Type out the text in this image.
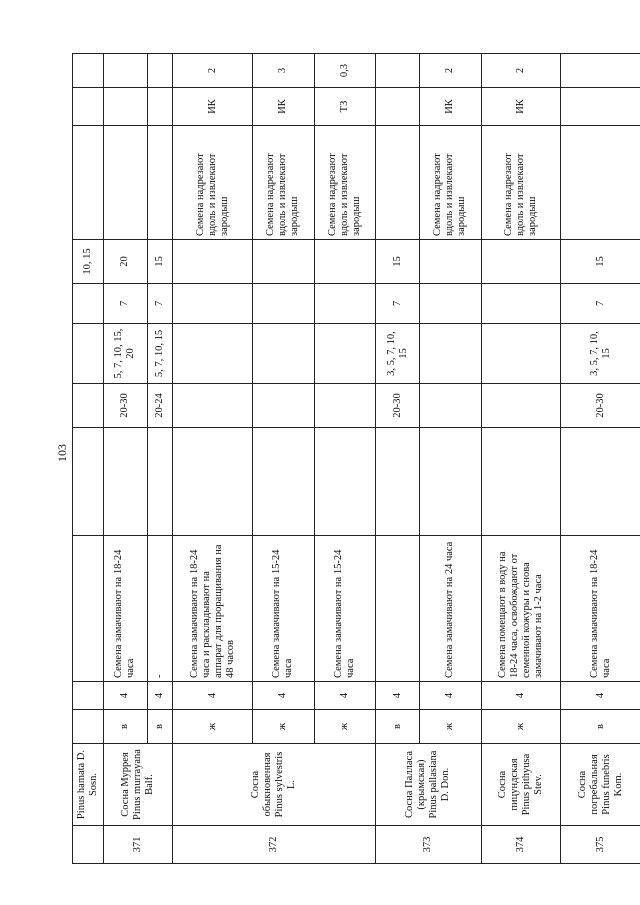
103
	Pinus hamata D. Sosn.								10, 15			
371	Сосна Муррея Pinus murrayana Balf.	в	4	Семена замачивают на 18-24 часа		20-30	5, 7, 10, 15, 20	7	20			
		в	4	-		20-24	5, 7, 10, 15	7	15			
372	Сосна обыкновенная Pinus sylvestris L.	ж	4	Семена замачивают на 18-24 часа и раскладывают на аппарат для проращивания на 48 часов						Семена надрезают вдоль и извлекают зародыш	ИК	2
		ж	4	Семена замачивают на 15-24 часа						Семена надрезают вдоль и извлекают зародыш	ИК	3
		ж	4	Семена замачивают на 15-24 часа						Семена надрезают вдоль и извлекают зародыш	ТЗ	0,3
373	Сосна Палласа (крымская) Pinus pallasiana D. Don.	в	4			20-30	3, 5, 7, 10, 15	7	15			
		ж	4	Семена замачивают на 24 часа						Семена надрезают вдоль и извлекают зародыш	ИК	2
374	Сосна пицундская Pinus pithyusa Stev.	ж	4	Семена помещают в воду на 18-24 часа, освобождают от семенной кожуры и снова замачивают на 1-2 часа						Семена надрезают вдоль и извлекают зародыш	ИК	2
375	Сосна погребальная Pinus funebris Kom.	в	4	Семена замачивают на 18-24 часа		20-30	3, 5, 7, 10, 15	7	15			
